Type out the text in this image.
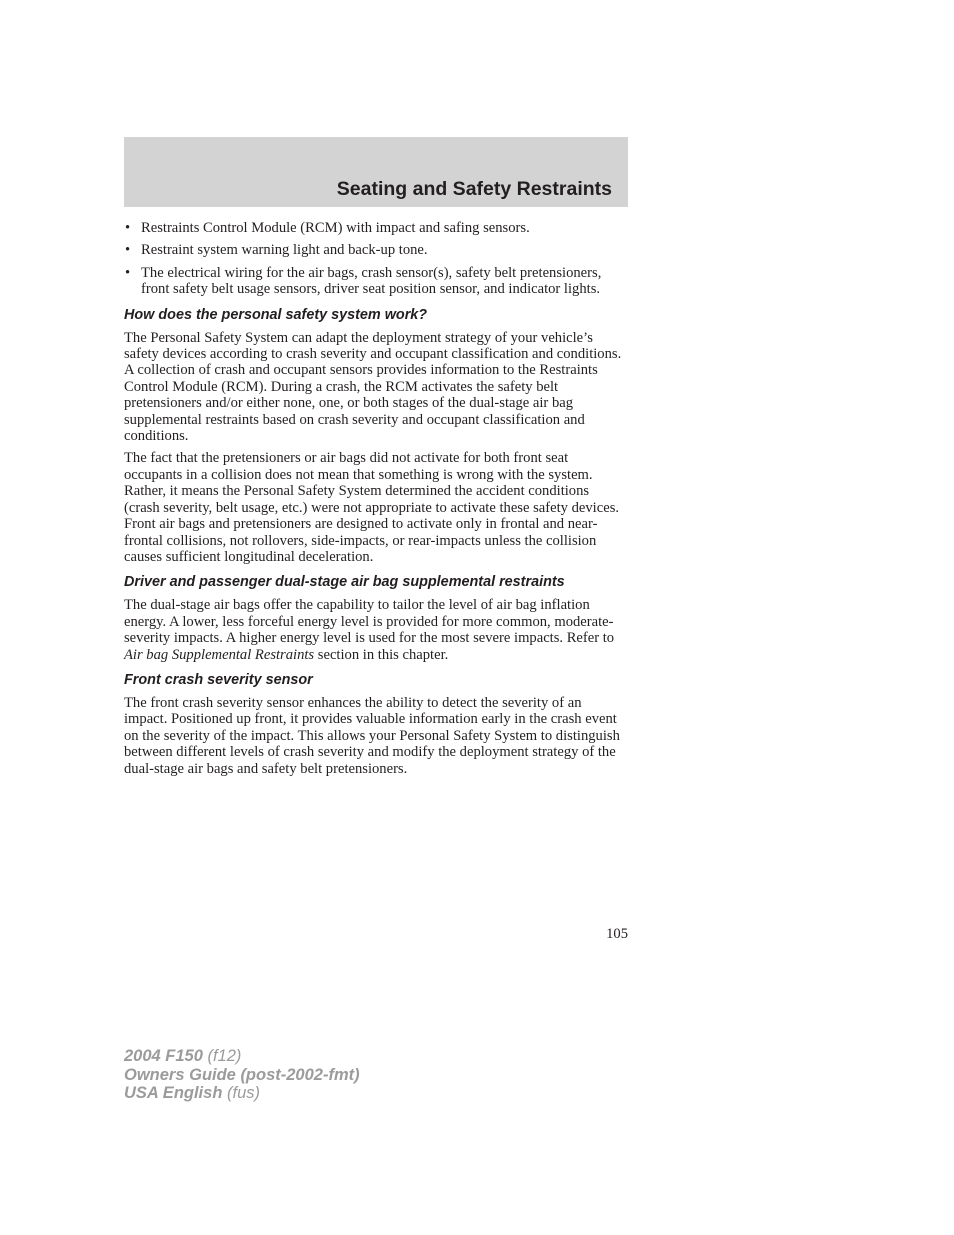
Seating and Safety Restraints
• Restraints Control Module (RCM) with impact and safing sensors.
• Restraint system warning light and back-up tone.
• The electrical wiring for the air bags, crash sensor(s), safety belt pretensioners, front safety belt usage sensors, driver seat position sensor, and indicator lights.
How does the personal safety system work?

The Personal Safety System can adapt the deployment strategy of your vehicle’s safety devices according to crash severity and occupant classification and conditions. A collection of crash and occupant sensors provides information to the Restraints Control Module (RCM). During a crash, the RCM activates the safety belt pretensioners and/or either none, one, or both stages of the dual-stage air bag supplemental restraints based on crash severity and occupant classification and conditions.

The fact that the pretensioners or air bags did not activate for both front seat occupants in a collision does not mean that something is wrong with the system. Rather, it means the Personal Safety System determined the accident conditions (crash severity, belt usage, etc.) were not appropriate to activate these safety devices. Front air bags and pretensioners are designed to activate only in frontal and near-frontal collisions, not rollovers, side-impacts, or rear-impacts unless the collision causes sufficient longitudinal deceleration.

Driver and passenger dual-stage air bag supplemental restraints

The dual-stage air bags offer the capability to tailor the level of air bag inflation energy. A lower, less forceful energy level is provided for more common, moderate-severity impacts. A higher energy level is used for the most severe impacts. Refer to Air bag Supplemental Restraints section in this chapter.

Front crash severity sensor

The front crash severity sensor enhances the ability to detect the severity of an impact. Positioned up front, it provides valuable information early in the crash event on the severity of the impact. This allows your Personal Safety System to distinguish between different levels of crash severity and modify the deployment strategy of the dual-stage air bags and safety belt pretensioners.

105
2004 F150 (f12)
Owners Guide (post-2002-fmt)
USA English (fus)
